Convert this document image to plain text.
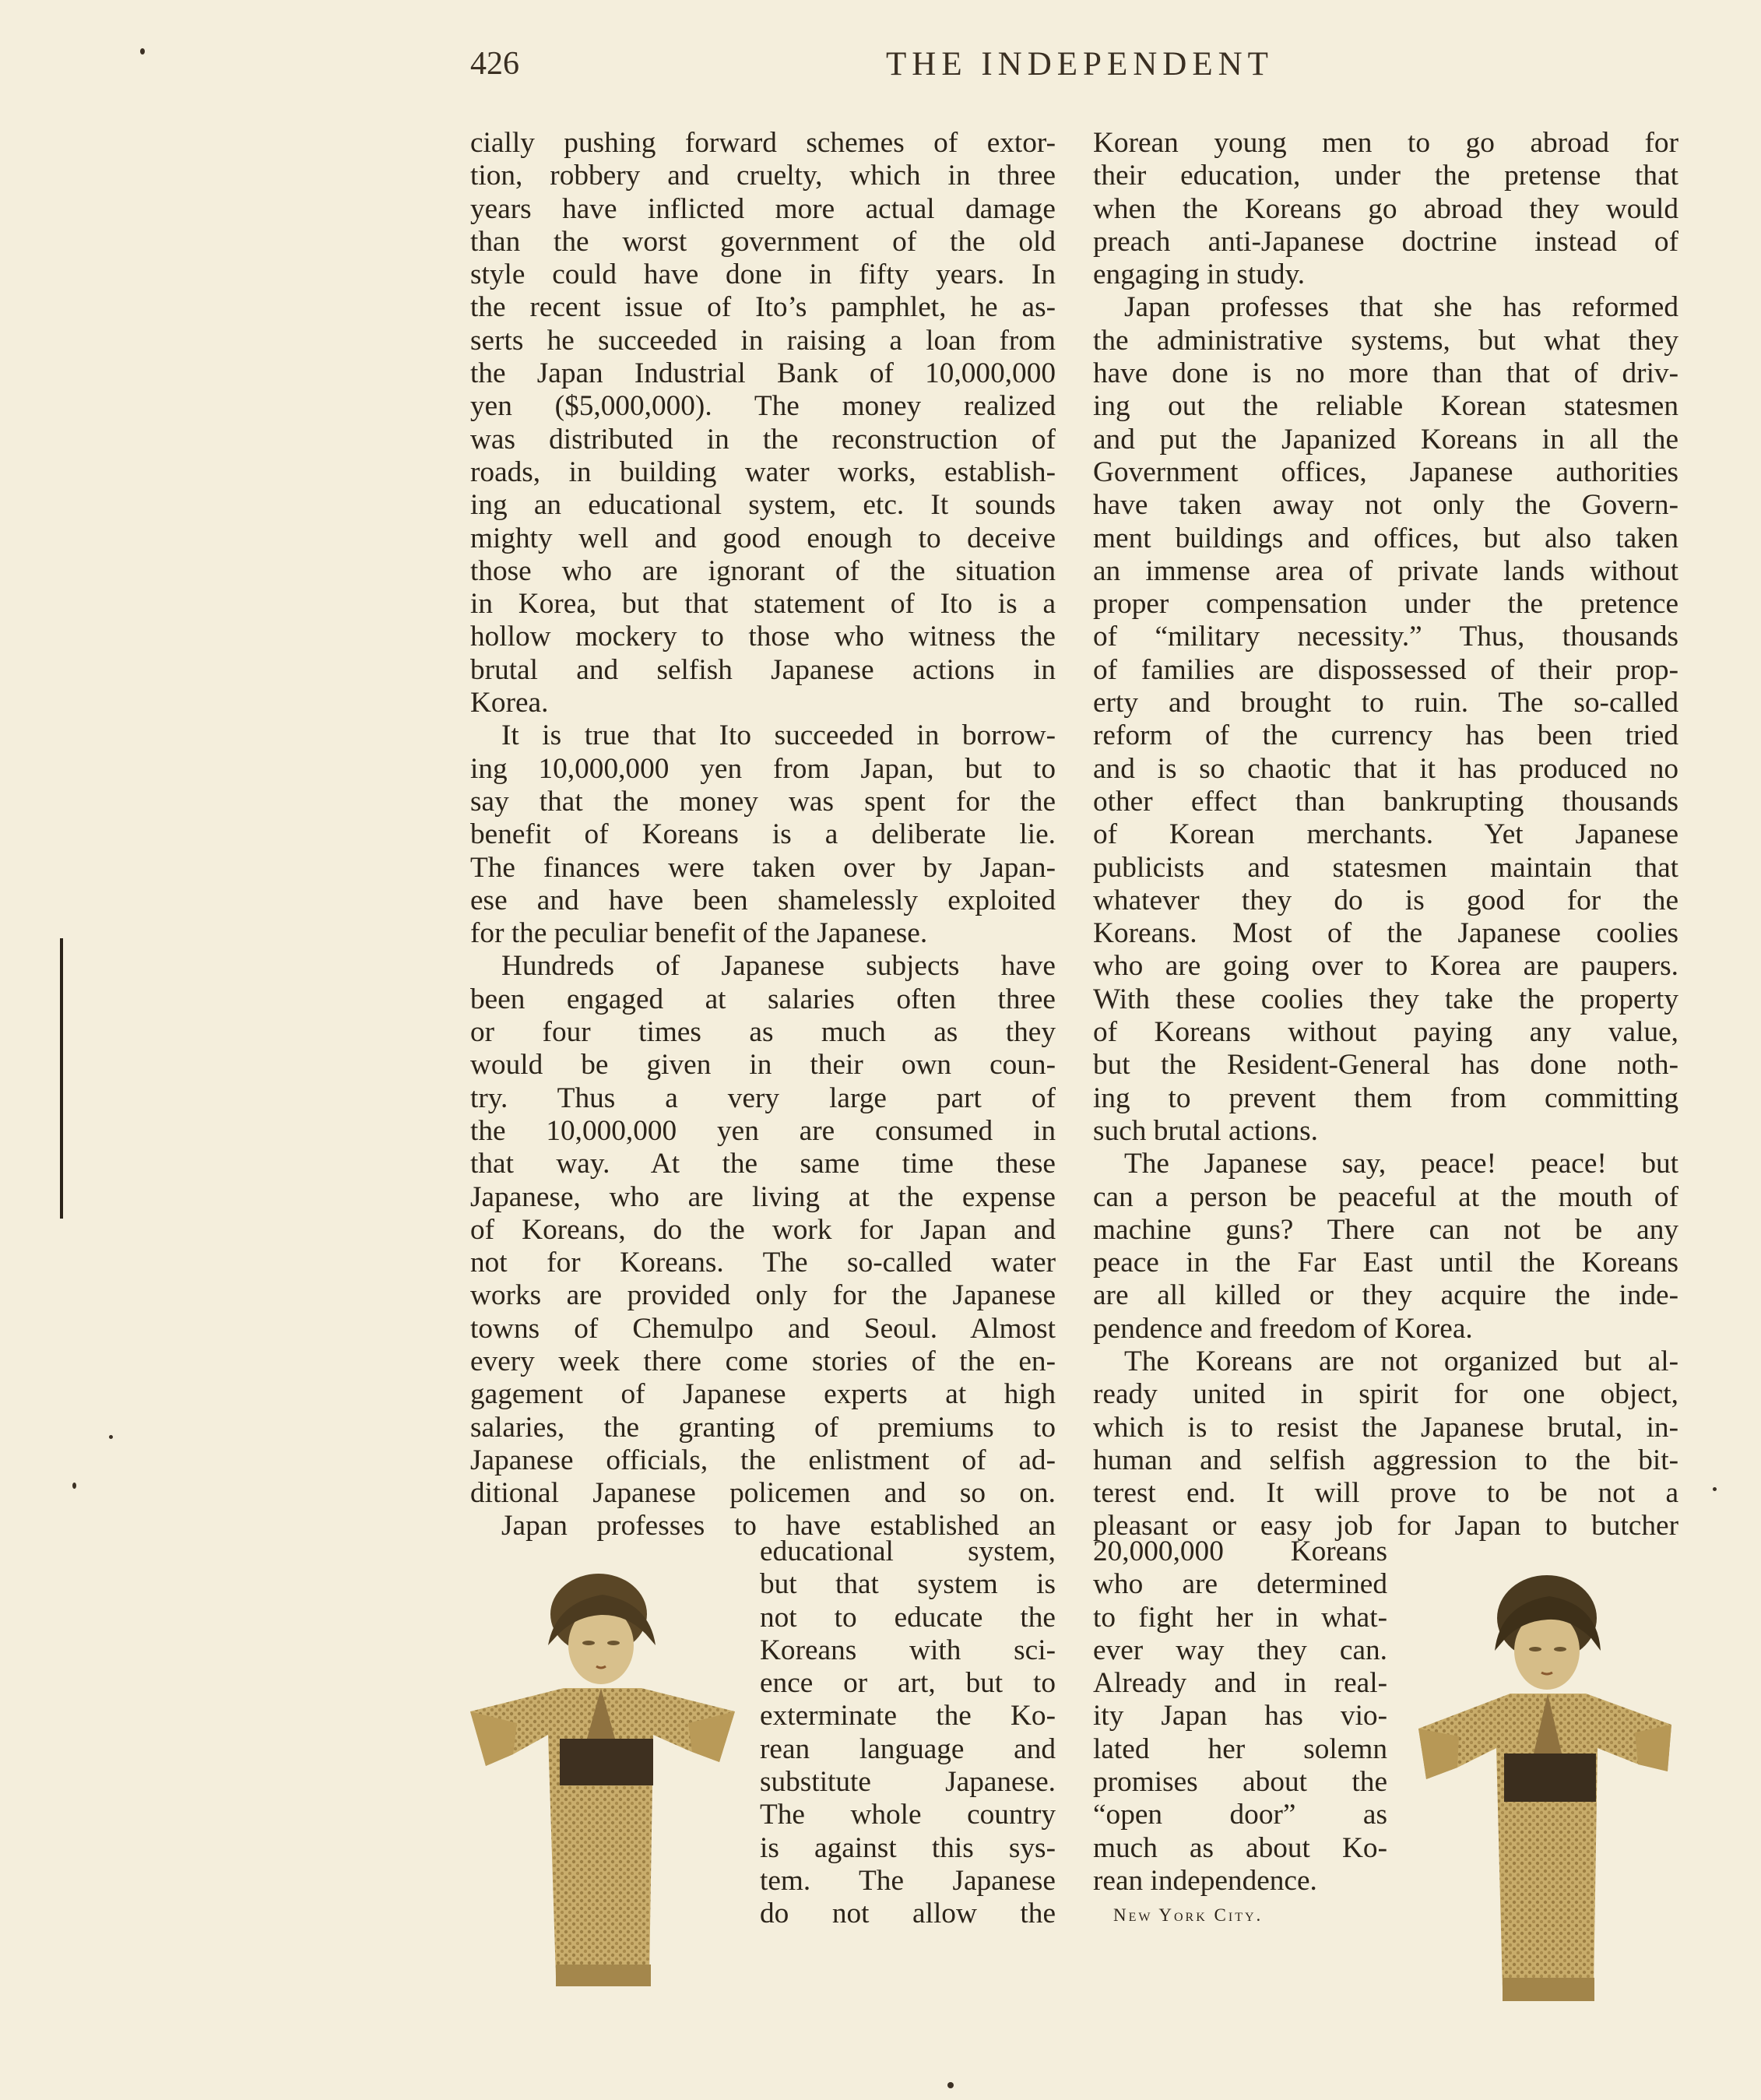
426	THE INDEPENDENT
cially pushing forward schemes of extor-
tion, robbery and cruelty, which in three
years have inflicted more actual damage
than the worst government of the old
style could have done in fifty years. In
the recent issue of Ito’s pamphlet, he as-
serts he succeeded in raising a loan from
the Japan Industrial Bank of 10,000,000
yen ($5,000,000). The money realized
was distributed in the reconstruction of
roads, in building water works, establish-
ing an educational system, etc. It sounds
mighty well and good enough to deceive
those who are ignorant of the situation
in Korea, but that statement of Ito is a
hollow mockery to those who witness the
brutal and selfish Japanese actions in
Korea.
It is true that Ito succeeded in borrow-
ing 10,000,000 yen from Japan, but to
say that the money was spent for the
benefit of Koreans is a deliberate lie.
The finances were taken over by Japan-
ese and have been shamelessly exploited
for the peculiar benefit of the Japanese.
Hundreds of Japanese subjects have
been engaged at salaries often three
or four times as much as they
would be given in their own coun-
try. Thus a very large part of
the 10,000,000 yen are consumed in
that way. At the same time these
Japanese, who are living at the expense
of Koreans, do the work for Japan and
not for Koreans. The so-called water
works are provided only for the Japanese
towns of Chemulpo and Seoul. Almost
every week there come stories of the en-
gagement of Japanese experts at high
salaries, the granting of premiums to
Japanese officials, the enlistment of ad-
ditional Japanese policemen and so on.
Japan professes to have established an
educational system,
but that system is
not to educate the
Koreans with sci-
ence or art, but to
exterminate the Ko-
rean language and
substitute Japanese.
The whole country
is against this sys-
tem. The Japanese
do not allow the
Korean young men to go abroad for
their education, under the pretense that
when the Koreans go abroad they would
preach anti-Japanese doctrine instead of
engaging in study.
Japan professes that she has reformed
the administrative systems, but what they
have done is no more than that of driv-
ing out the reliable Korean statesmen
and put the Japanized Koreans in all the
Government offices, Japanese authorities
have taken away not only the Govern-
ment buildings and offices, but also taken
an immense area of private lands without
proper compensation under the pretence
of “military necessity.” Thus, thousands
of families are dispossessed of their prop-
erty and brought to ruin. The so-called
reform of the currency has been tried
and is so chaotic that it has produced no
other effect than bankrupting thousands
of Korean merchants. Yet Japanese
publicists and statesmen maintain that
whatever they do is good for the
Koreans. Most of the Japanese coolies
who are going over to Korea are paupers.
With these coolies they take the property
of Koreans without paying any value,
but the Resident-General has done noth-
ing to prevent them from committing
such brutal actions.
The Japanese say, peace! peace! but
can a person be peaceful at the mouth of
machine guns? There can not be any
peace in the Far East until the Koreans
are all killed or they acquire the inde-
pendence and freedom of Korea.
The Koreans are not organized but al-
ready united in spirit for one object,
which is to resist the Japanese brutal, in-
human and selfish aggression to the bit-
terest end. It will prove to be not a
pleasant or easy job for Japan to butcher
20,000,000 Koreans
who are determined
to fight her in what-
ever way they can.
Already and in real-
ity Japan has vio-
lated her solemn
promises about the
“open door” as
much as about Ko-
rean independence.
New York City.
